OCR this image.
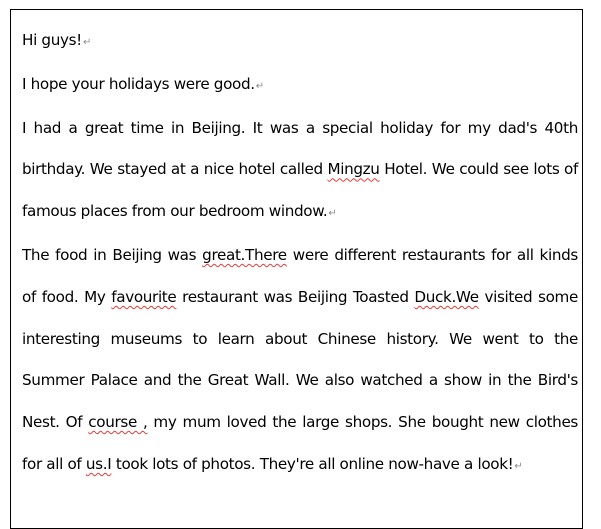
Hi guys!↵

I hope your holidays were good.↵

I had a great time in Beijing. It was a special holiday for my dad's 40th birthday. We stayed at a nice hotel called Mingzu Hotel. We could see lots of famous places from our bedroom window.↵

The food in Beijing was great.There were different restaurants for all kinds of food. My favourite restaurant was Beijing Toasted Duck.We visited some interesting museums to learn about Chinese history. We went to the Summer Palace and the Great Wall. We also watched a show in the Bird's Nest. Of course , my mum loved the large shops. She bought new clothes for all of us.I took lots of photos. They're all online now-have a look!↵
